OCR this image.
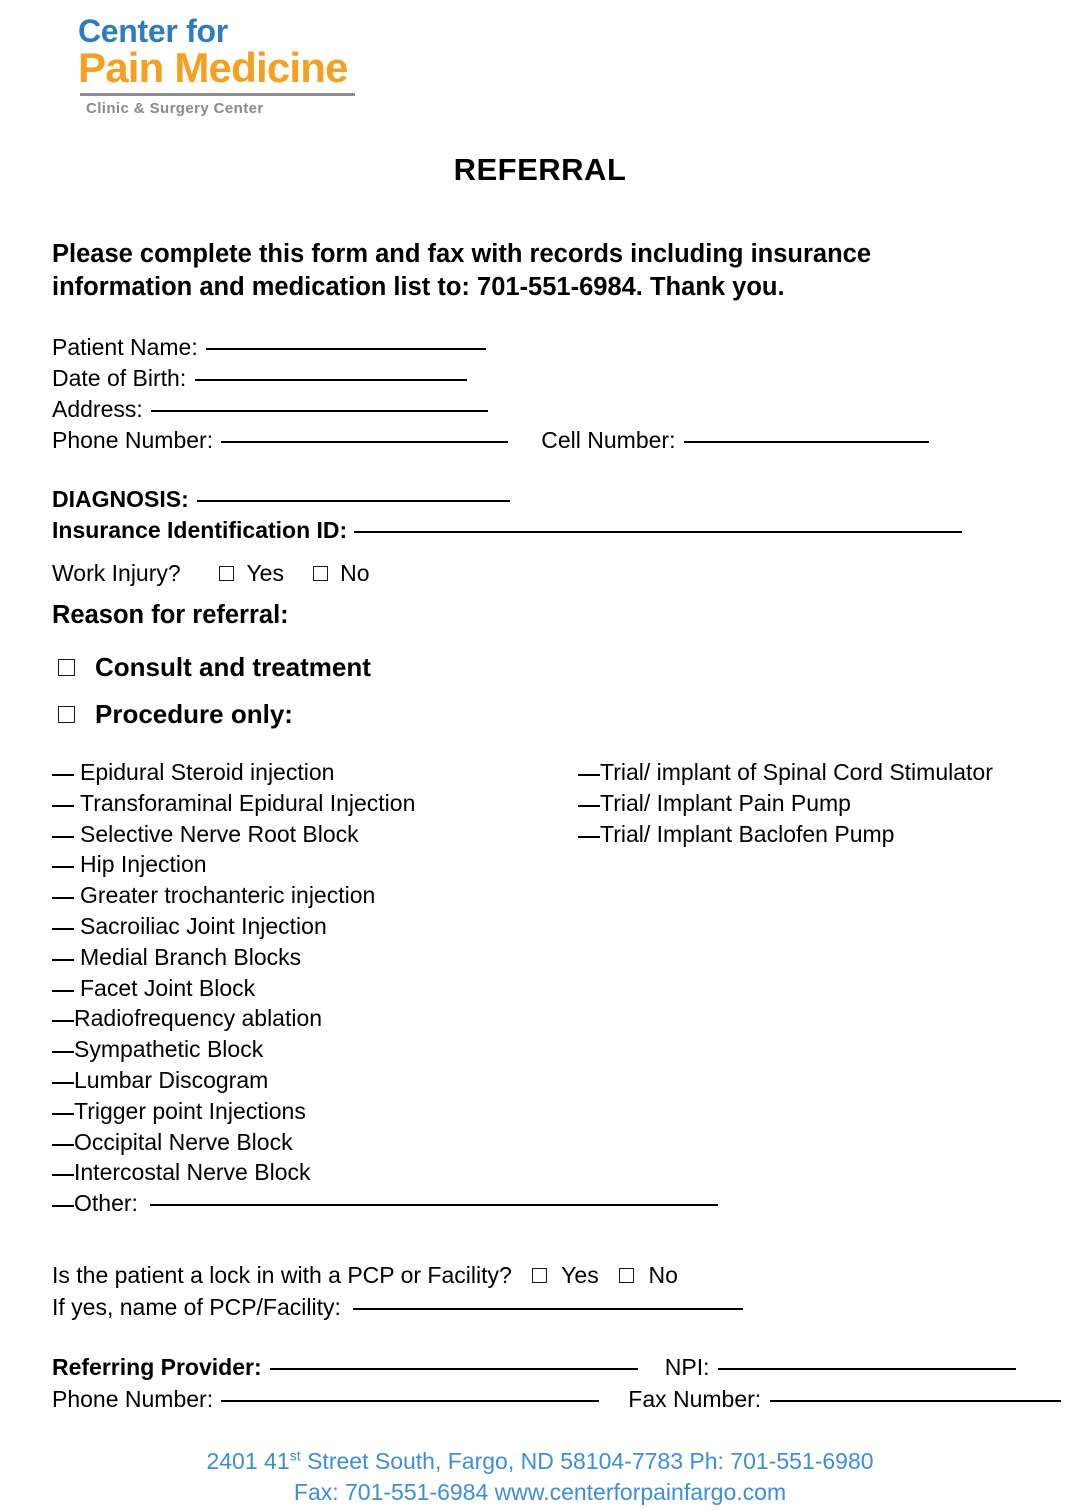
Center for
Pain Medicine
Clinic & Surgery Center
REFERRAL
Please complete this form and fax with records including insurance information and medication list to: 701-551-6984. Thank you.
Patient Name:
Date of Birth:
Address:
Phone Number:	Cell Number:
DIAGNOSIS:
Insurance Identification ID:
Work Injury?	Yes No
Reason for referral:
Consult and treatment
Procedure only:
Epidural Steroid injection
Transforaminal Epidural Injection
Selective Nerve Root Block
Hip Injection
Greater trochanteric injection
Sacroiliac Joint Injection
Medial Branch Blocks
Facet Joint Block
Radiofrequency ablation
Sympathetic Block
Lumbar Discogram
Trigger point Injections
Occipital Nerve Block
Intercostal Nerve Block
Trial/ implant of Spinal Cord Stimulator
Trial/ Implant Pain Pump
Trial/ Implant Baclofen Pump
Other:
Is the patient a lock in with a PCP or Facility? Yes No
If yes, name of PCP/Facility:
Referring Provider:	NPI:
Phone Number:	Fax Number:
2401 41st Street South, Fargo, ND 58104-7783 Ph: 701-551-6980
Fax: 701-551-6984 www.centerforpainfargo.com
